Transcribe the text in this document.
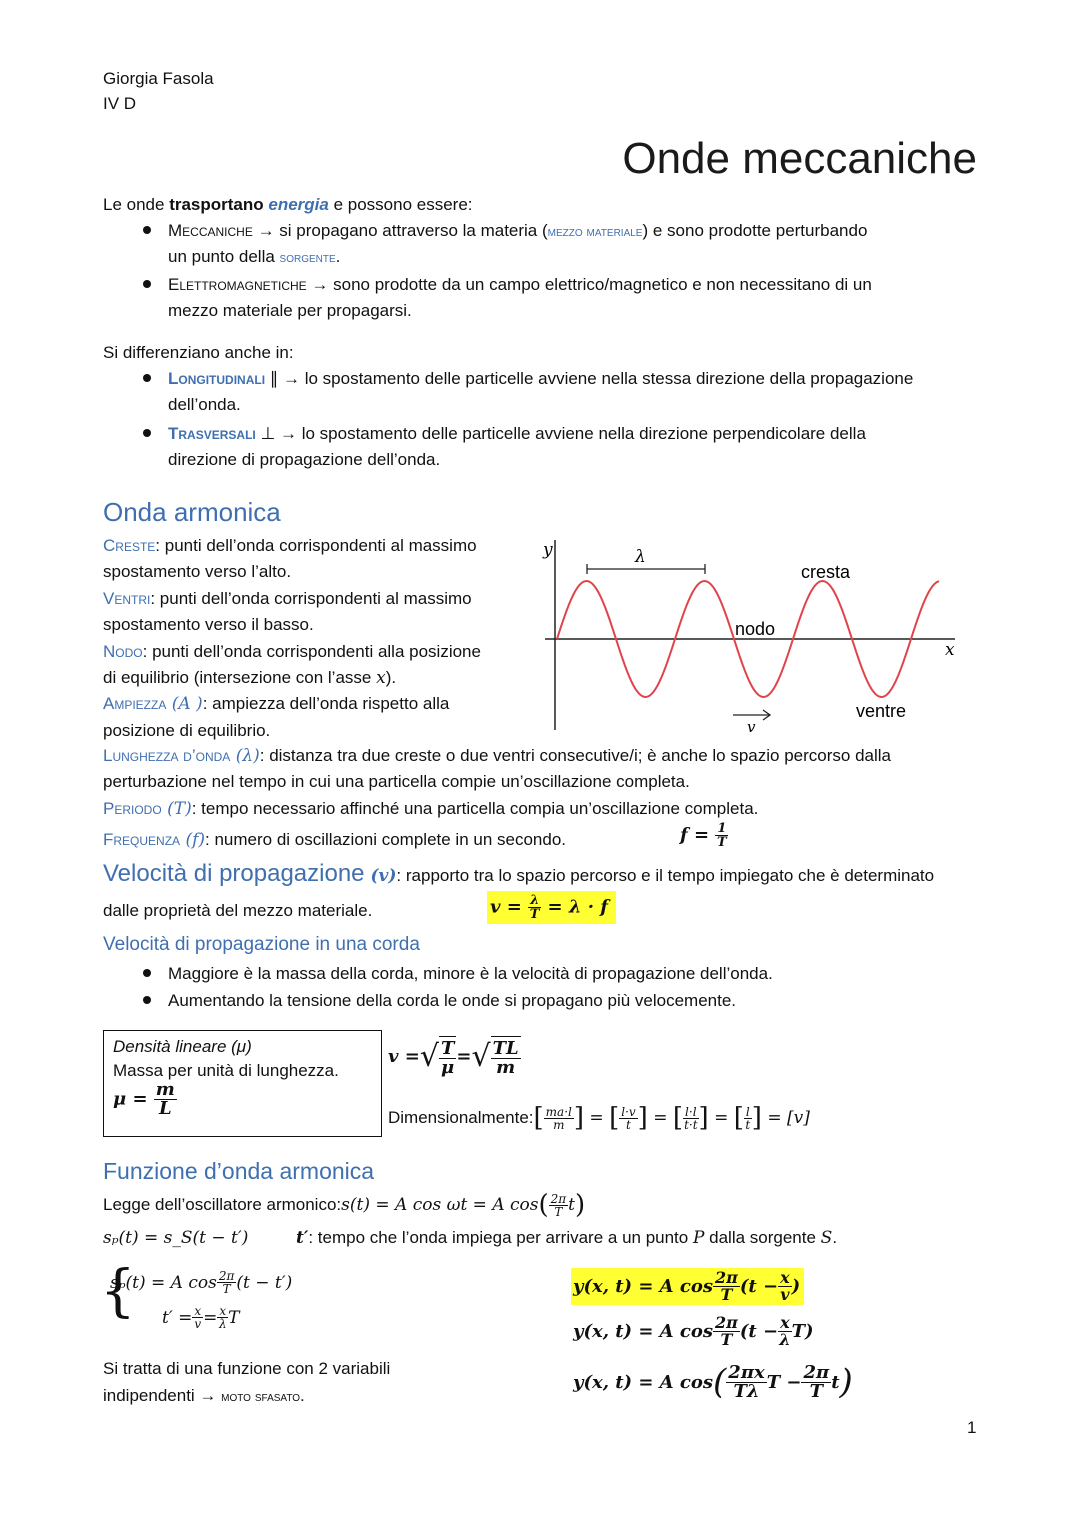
Giorgia Fasola
IV D
Onde meccaniche
Le onde trasportano energia e possono essere:
Meccaniche → si propagano attraverso la materia (mezzo materiale) e sono prodotte perturbando
un punto della sorgente.
Elettromagnetiche → sono prodotte da un campo elettrico/magnetico e non necessitano di un
mezzo materiale per propagarsi.
Si differenziano anche in:
Longitudinali ∥ → lo spostamento delle particelle avviene nella stessa direzione della propagazione
dell’onda.
Trasversali ⊥ → lo spostamento delle particelle avviene nella direzione perpendicolare della
direzione di propagazione dell’onda.
Onda armonica
Creste: punti dell’onda corrispondenti al massimo
spostamento verso l’alto.
Ventri: punti dell’onda corrispondenti al massimo
spostamento verso il basso.
Nodo: punti dell’onda corrispondenti alla posizione
di equilibrio (intersezione con l’asse x).
Ampiezza (A ): ampiezza dell’onda rispetto alla
posizione di equilibrio.
y
x
λ
cresta
nodo
ventre
v
Lunghezza d’onda (λ): distanza tra due creste o due ventri consecutive/i; è anche lo spazio percorso dalla
perturbazione nel tempo in cui una particella compie un’oscillazione completa.
Periodo (T): tempo necessario affinché una particella compia un’oscillazione completa.
Frequenza (f): numero di oscillazioni complete in un secondo.	$f = \frac{1}{T}$
Velocità di propagazione (v): rapporto tra lo spazio percorso e il tempo impiegato che è determinato
dalle proprietà del mezzo materiale.	$v = \frac{\lambda}{T} = \lambda \cdot f$
Velocità di propagazione in una corda
Maggiore è la massa della corda, minore è la velocità di propagazione dell’onda.
Aumentando la tensione della corda le onde si propagano più velocemente.
Densità lineare (μ)
Massa per unità di lunghezza.
$\mu = \frac{m}{L}$
v = √ $\frac{T}{\mu}$ = √ $\frac{TL}{m}$
Dimensionalmente: [ $\frac{ma\cdot l}{m}$ ] = [ $\frac{l\cdot v}{t}$ ] = [ $\frac{l\cdot l}{t\cdot t}$ ] = [ $\frac{l}{t}$ ] = [v]
Funzione d’onda armonica
Legge dell’oscillatore armonico: s(t) = A cos ωt = A cos ( $\frac{2\pi}{T}$ t )
sₚ(t) = s_S(t − t′)	t′: tempo che l’onda impiega per arrivare a un punto P dalla sorgente S.
{
sₚ(t) = A $\cos \frac{2\pi}{T} (t - t')$
$t' = \frac{x}{v} = \frac{x}{\lambda}$ T
Si tratta di una funzione con 2 variabili
indipendenti → moto sfasato.
y(x, t) = A $\cos \frac{2\pi}{T} (t - \frac{x}{v}$ )
y(x, t) = A $\cos \frac{2\pi}{T} (t - \frac{x}{\lambda} T)$
y(x, t) = A cos ( $\frac{2\pi x}{T\lambda}$ $T - \frac{2\pi}{T}$ t )
1
